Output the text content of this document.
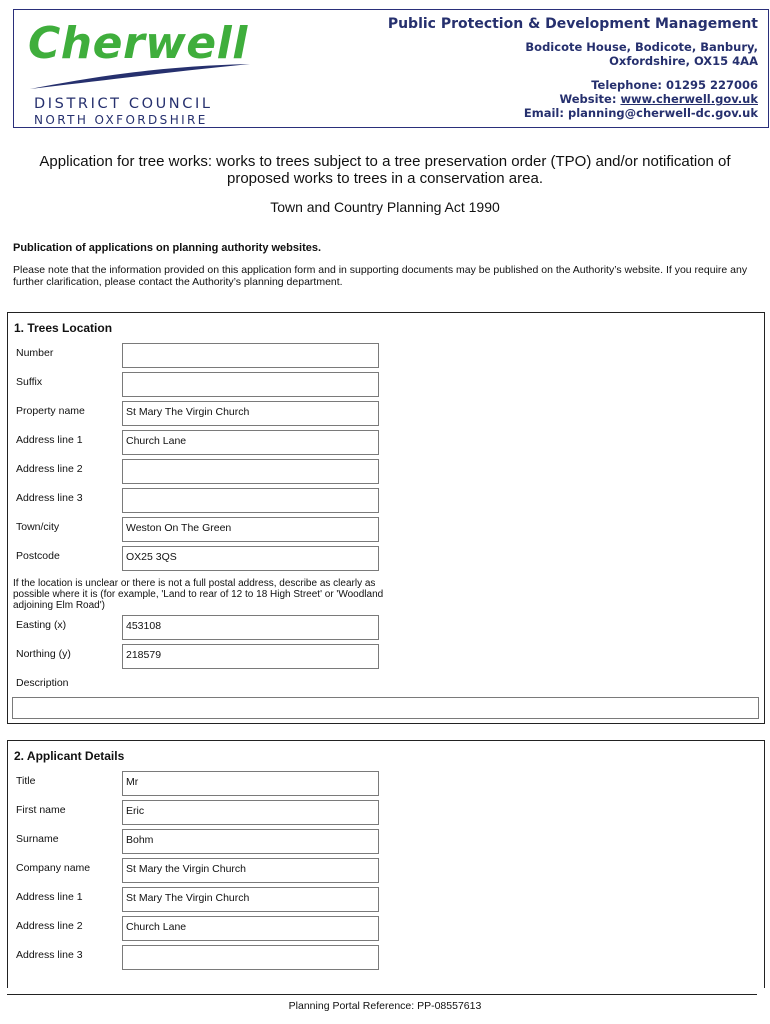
Cherwell
DISTRICT COUNCIL
NORTH OXFORDSHIRE
Public Protection & Development Management
Bodicote House, Bodicote, Banbury,
Oxfordshire, OX15 4AA
Telephone: 01295 227006
Website: www.cherwell.gov.uk
Email: planning@cherwell-dc.gov.uk
Application for tree works: works to trees subject to a tree preservation order (TPO) and/or notification of proposed works to trees in a conservation area.
Town and Country Planning Act 1990
Publication of applications on planning authority websites.
Please note that the information provided on this application form and in supporting documents may be published on the Authority’s website. If you require any further clarification, please contact the Authority’s planning department.
1. Trees Location
Number
Suffix
Property name	St Mary The Virgin Church
Address line 1	Church Lane
Address line 2
Address line 3
Town/city	Weston On The Green
Postcode	OX25 3QS
If the location is unclear or there is not a full postal address, describe as clearly as possible where it is (for example, 'Land to rear of 12 to 18 High Street' or 'Woodland adjoining Elm Road')
Easting (x)	453108
Northing (y)	218579
Description
2. Applicant Details
Title	Mr
First name	Eric
Surname	Bohm
Company name	St Mary the Virgin Church
Address line 1	St Mary The Virgin Church
Address line 2	Church Lane
Address line 3
Planning Portal Reference: PP-08557613
